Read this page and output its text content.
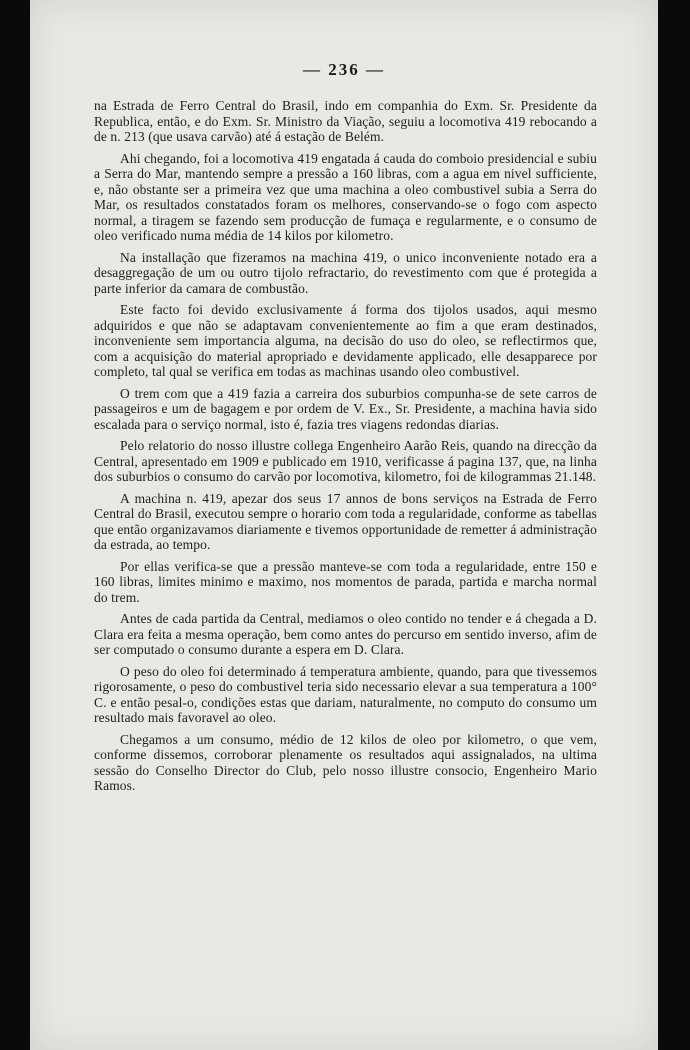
— 236 —

na Estrada de Ferro Central do Brasil, indo em companhia do Exm. Sr. Presidente da Republica, então, e do Exm. Sr. Ministro da Viação, seguiu a locomotiva 419 rebocando a de n. 213 (que usava carvão) até á estação de Belém.

Ahi chegando, foi a locomotiva 419 engatada á cauda do comboio presidencial e subiu a Serra do Mar, mantendo sempre a pressão a 160 libras, com a agua em nivel sufficiente, e, não obstante ser a primeira vez que uma machina a oleo combustivel subia a Serra do Mar, os resultados constatados foram os melhores, conservando-se o fogo com aspecto normal, a tiragem se fazendo sem producção de fumaça e regularmente, e o consumo de oleo verificado numa média de 14 kilos por kilometro.

Na installação que fizeramos na machina 419, o unico inconveniente notado era a desaggregação de um ou outro tijolo refractario, do revestimento com que é protegida a parte inferior da camara de combustão.

Este facto foi devido exclusivamente á forma dos tijolos usados, aqui mesmo adquiridos e que não se adaptavam convenientemente ao fim a que eram destinados, inconveniente sem importancia alguma, na decisão do uso do oleo, se reflectirmos que, com a acquisição do material apropriado e devidamente applicado, elle desapparece por completo, tal qual se verifica em todas as machinas usando oleo combustivel.

O trem com que a 419 fazia a carreira dos suburbios compunha-se de sete carros de passageiros e um de bagagem e por ordem de V. Ex., Sr. Presidente, a machina havia sido escalada para o serviço normal, isto é, fazia tres viagens redondas diarias.

Pelo relatorio do nosso illustre collega Engenheiro Aarão Reis, quando na direcção da Central, apresentado em 1909 e publicado em 1910, verificasse á pagina 137, que, na linha dos suburbios o consumo do carvão por locomotiva, kilometro, foi de kilogrammas 21.148.

A machina n. 419, apezar dos seus 17 annos de bons serviços na Estrada de Ferro Central do Brasil, executou sempre o horario com toda a regularidade, conforme as tabellas que então organizavamos diariamente e tivemos opportunidade de remetter á administração da estrada, ao tempo.

Por ellas verifica-se que a pressão manteve-se com toda a regularidade, entre 150 e 160 libras, limites minimo e maximo, nos momentos de parada, partida e marcha normal do trem.

Antes de cada partida da Central, mediamos o oleo contido no tender e á chegada a D. Clara era feita a mesma operação, bem como antes do percurso em sentido inverso, afim de ser computado o consumo durante a espera em D. Clara.

O peso do oleo foi determinado á temperatura ambiente, quando, para que tivessemos rigorosamente, o peso do combustivel teria sido necessario elevar a sua temperatura a 100° C. e então pesal-o, condições estas que dariam, naturalmente, no computo do consumo um resultado mais favoravel ao oleo.

Chegamos a um consumo, médio de 12 kilos de oleo por kilometro, o que vem, conforme dissemos, corroborar plenamente os resultados aqui assignalados, na ultima sessão do Conselho Director do Club, pelo nosso illustre consocio, Engenheiro Mario Ramos.
